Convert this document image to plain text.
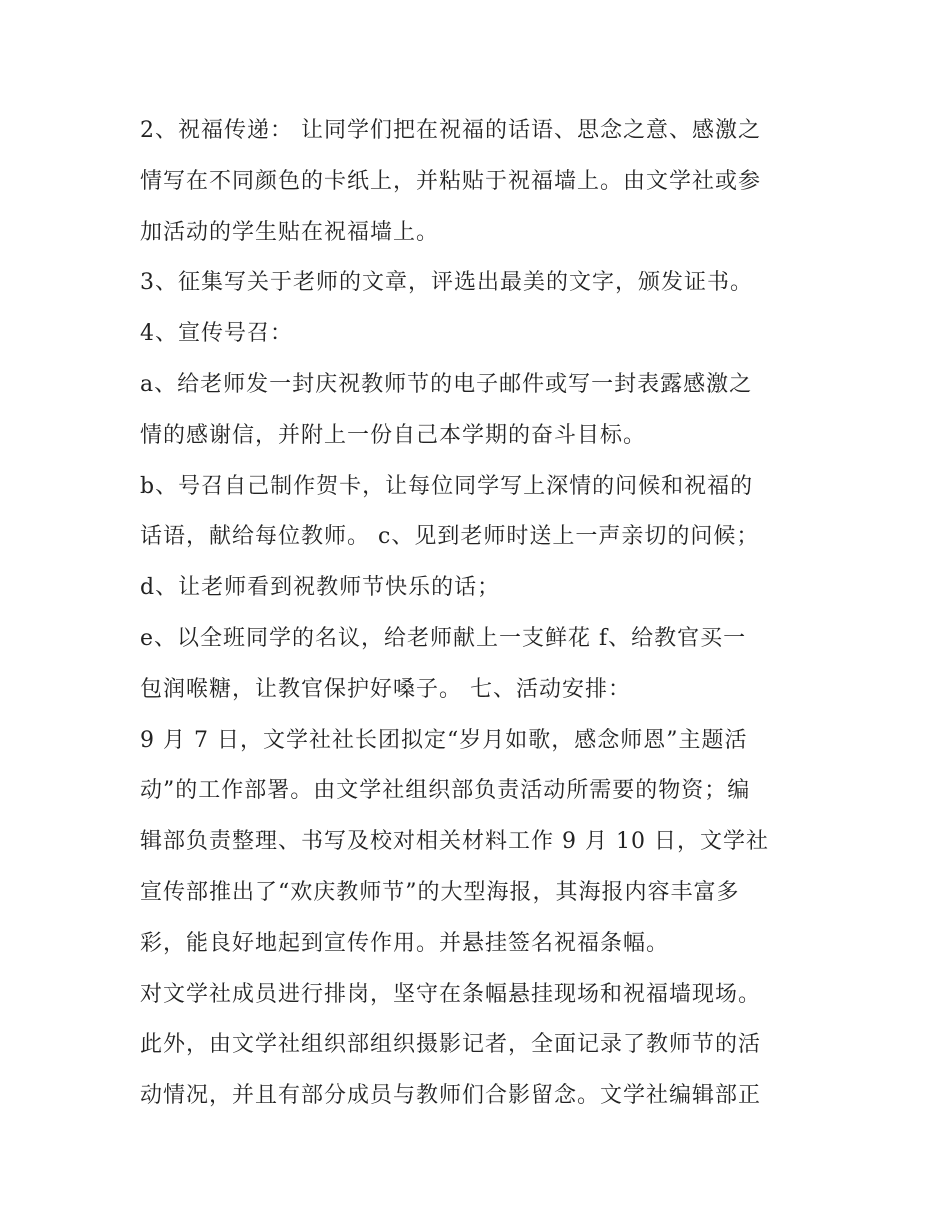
2、祝福传递： 让同学们把在祝福的话语、思念之意、感激之
情写在不同颜色的卡纸上，并粘贴于祝福墙上。由文学社或参
加活动的学生贴在祝福墙上。
3、征集写关于老师的文章，评选出最美的文字，颁发证书。
4、宣传号召：
a、给老师发一封庆祝教师节的电子邮件或写一封表露感激之
情的感谢信，并附上一份自己本学期的奋斗目标。
b、号召自己制作贺卡，让每位同学写上深情的问候和祝福的
话语，献给每位教师。 c、见到老师时送上一声亲切的问候；
d、让老师看到祝教师节快乐的话；
e、以全班同学的名议，给老师献上一支鲜花 f、给教官买一
包润喉糖，让教官保护好嗓子。 七、活动安排：
9 月 7 日，文学社社长团拟定“岁月如歌，感念师恩”主题活
动”的工作部署。由文学社组织部负责活动所需要的物资；编
辑部负责整理、书写及校对相关材料工作 9 月 10 日，文学社
宣传部推出了“欢庆教师节”的大型海报，其海报内容丰富多
彩，能良好地起到宣传作用。并悬挂签名祝福条幅。
对文学社成员进行排岗，坚守在条幅悬挂现场和祝福墙现场。
此外，由文学社组织部组织摄影记者，全面记录了教师节的活
动情况，并且有部分成员与教师们合影留念。文学社编辑部正
